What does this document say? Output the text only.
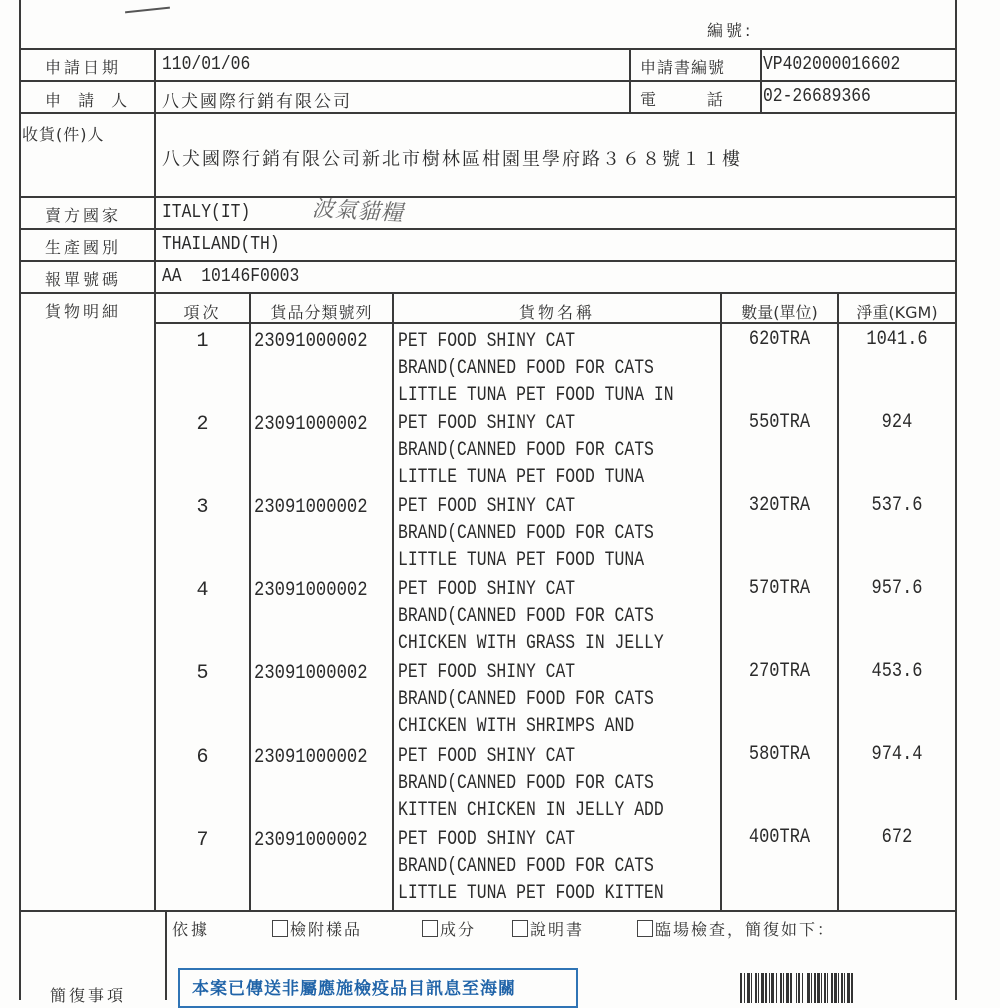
編號:
申請日期 110/01/06	申請書編號 VP402000016602
申 請 人 八犬國際行銷有限公司	電          話 02-26689366
收貨(件)人
八犬國際行銷有限公司新北市樹林區柑園里學府路３６８號１１樓
賣方國家 ITALY(IT)	波氣貓糧
生產國別 THAILAND(TH)
報單號碼 AA  10146F0003
貨物明細	項次	貨品分類號列	貨物名稱	數量(單位)	淨重(KGM)
1	23091000002 PET FOOD SHINY CAT
BRAND(CANNED FOOD FOR CATS
LITTLE TUNA PET FOOD TUNA IN
620TRA	1041.6
2	23091000002 PET FOOD SHINY CAT
BRAND(CANNED FOOD FOR CATS
LITTLE TUNA PET FOOD TUNA
550TRA	924
3	23091000002 PET FOOD SHINY CAT
BRAND(CANNED FOOD FOR CATS
LITTLE TUNA PET FOOD TUNA
320TRA	537.6
4	23091000002 PET FOOD SHINY CAT
BRAND(CANNED FOOD FOR CATS
CHICKEN WITH GRASS IN JELLY
570TRA	957.6
5	23091000002 PET FOOD SHINY CAT
BRAND(CANNED FOOD FOR CATS
CHICKEN WITH SHRIMPS AND
270TRA	453.6
6	23091000002 PET FOOD SHINY CAT
BRAND(CANNED FOOD FOR CATS
KITTEN CHICKEN IN JELLY ADD
580TRA	974.4
7	23091000002 PET FOOD SHINY CAT
BRAND(CANNED FOOD FOR CATS
LITTLE TUNA PET FOOD KITTEN
400TRA	672
依據	檢附樣品	成分	說明書	臨場檢查，簡復如下：
簡復事項	本案已傳送非屬應施檢疫品目訊息至海關
